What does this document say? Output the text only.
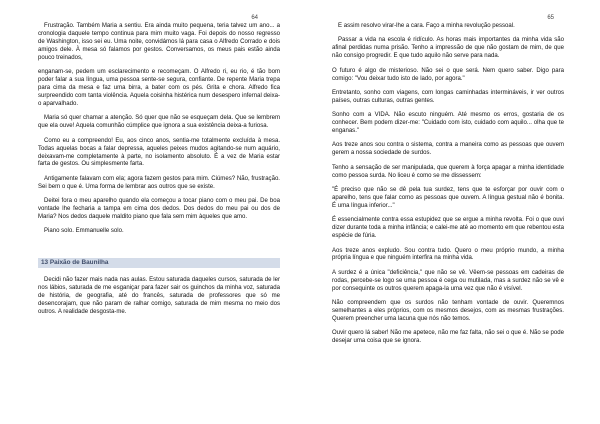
64

Frustração. Também Maria a sentiu. Era ainda muito pequena, teria talvez um ano... a cronologia daquele tempo continua para mim muito vaga. Foi depois do nosso regresso de Washington, isso sei eu. Uma noite, convidámos lá para casa o Alfredo Corrado e dois amigos dele. À mesa só falamos por gestos. Conversamos, os meus pais estão ainda pouco treinados,

enganam-se, pedem um esclarecimento e recomeçam. O Alfredo ri, eu rio, é tão bom poder falar a sua língua, uma pessoa sente-se segura, confiante. De repente Maria trepa para cima da mesa e faz uma birra, a bater com os pés. Grita e chora. Alfredo fica surpreendido com tanta violência. Aquela coisinha histérica num desespero infernal deixa-o aparvalhado.

Maria só quer chamar a atenção. Só quer que não se esqueçam dela. Que se lembrem que ela ouve! Aquela comunhão cúmplice que ignora a sua existência deixa-a furiosa.

Como eu a compreendo! Eu, aos cinco anos, sentia-me totalmente excluída à mesa. Todas aquelas bocas a falar depressa, aqueles peixes mudos agitando-se num aquário, deixavam-me completamente à parte, no isolamento absoluto. É a vez de Maria estar farta de gestos. Ou simplesmente farta.

Antigamente falavam com ela; agora fazem gestos para mim. Ciúmes? Não, frustração. Sei bem o que é. Uma forma de lembrar aos outros que se existe.

Deitei fora o meu aparelho quando ela começou a tocar piano com o meu pai. De boa vontade lhe fecharia a tampa em cima dos dedos. Dos dedos do meu pai ou dos de Maria? Nos dedos daquele maldito piano que fala sem mim àqueles que amo.

Piano solo. Emmanuelle solo.

13 Paixão de Baunilha

Decidi não fazer mais nada nas aulas. Estou saturada daqueles cursos, saturada de ler nos lábios, saturada de me esganiçar para fazer sair os guinchos da minha voz, saturada de história, de geografia, até do francês, saturada de professores que só me desencorajam, que não param de ralhar comigo, saturada de mim mesma no meio dos outros. A realidade desgosta-me.

65

E assim resolvo virar-lhe a cara. Faço a minha revolução pessoal.

Passar a vida na escola é ridículo. As horas mais importantes da minha vida são afinal perdidas numa prisão. Tenho a impressão de que não gostam de mim, de que não consigo progredir. E que tudo aquilo não serve para nada.

O futuro é algo de misterioso. Não sei o que será. Nem quero saber. Digo para comigo: "Vou deixar tudo isto de lado, por agora."

Entretanto, sonho com viagens, com longas caminhadas intermináveis, ir ver outros países, outras culturas, outras gentes.

Sonho com a VIDA. Não escuto ninguém. Até mesmo os erros, gostaria de os conhecer. Bem podem dizer-me: "Cuidado com isto, cuidado com aquilo... olha que te enganas."

Aos treze anos sou contra o sistema, contra a maneira como as pessoas que ouvem gerem a nossa sociedade de surdos.

Tenho a sensação de ser manipulada, que querem à força apagar a minha identidade como pessoa surda. No liceu é como se me dissessem:

"É preciso que não se dê pela tua surdez, tens que te esforçar por ouvir com o aparelho, tens que falar como as pessoas que ouvem. A língua gestual não é bonita. É uma língua inferior..."

É essencialmente contra essa estupidez que se ergue a minha revolta. Foi o que ouvi dizer durante toda a minha infância; e calei-me até ao momento em que rebentou esta espécie de fúria.

Aos treze anos expludo. Sou contra tudo. Quero o meu próprio mundo, a minha própria língua e que ninguém interfira na minha vida.

A surdez é a única "deficiência," que não se vê. Vêem-se pessoas em cadeiras de rodas, percebe-se logo se uma pessoa é cega ou mutilada, mas a surdez não se vê e por consequinte os outros querem apaga-la uma vez que não é visível.

Não compreendem que os surdos não tenham vontade de ouvir. Queremnos semelhantes a eles próprios, com os mesmos desejos, com as mesmas frustrações. Querem preencher uma lacuna que nós não temos.

Ouvir quero lá saber! Não me apetece, não me faz falta, não sei o que é. Não se pode desejar uma coisa que se ignora.
